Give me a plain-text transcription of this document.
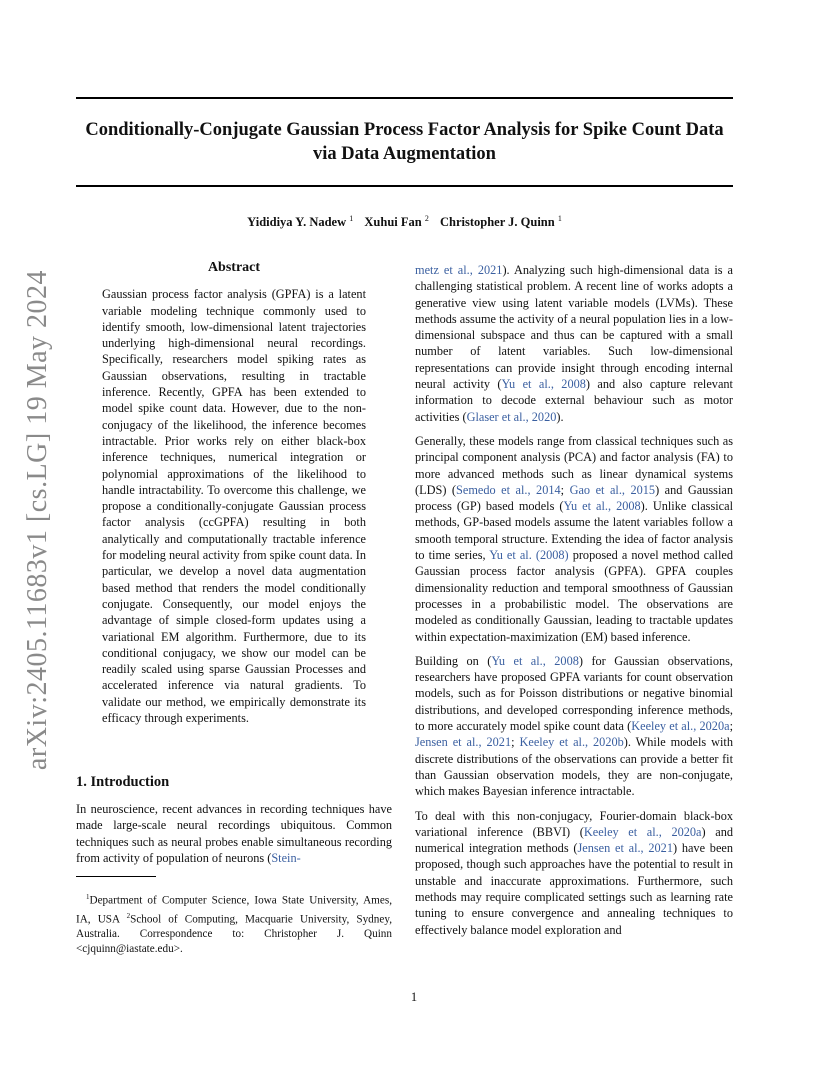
Conditionally-Conjugate Gaussian Process Factor Analysis for Spike Count Data via Data Augmentation
Yididiya Y. Nadew $^1$ Xuhui Fan $^2$ Christopher J. Quinn $^1$
arXiv:2405.11683v1 [cs.LG] 19 May 2024
Abstract

Gaussian process factor analysis (GPFA) is a latent variable modeling technique commonly used to identify smooth, low-dimensional latent trajectories underlying high-dimensional neural recordings. Specifically, researchers model spiking rates as Gaussian observations, resulting in tractable inference. Recently, GPFA has been extended to model spike count data. However, due to the non-conjugacy of the likelihood, the inference becomes intractable. Prior works rely on either black-box inference techniques, numerical integration or polynomial approximations of the likelihood to handle intractability. To overcome this challenge, we propose a conditionally-conjugate Gaussian process factor analysis (ccGPFA) resulting in both analytically and computationally tractable inference for modeling neural activity from spike count data. In particular, we develop a novel data augmentation based method that renders the model conditionally conjugate. Consequently, our model enjoys the advantage of simple closed-form updates using a variational EM algorithm. Furthermore, due to its conditional conjugacy, we show our model can be readily scaled using sparse Gaussian Processes and accelerated inference via natural gradients. To validate our method, we empirically demonstrate its efficacy through experiments.

1. Introduction

In neuroscience, recent advances in recording techniques have made large-scale neural recordings ubiquitous. Common techniques such as neural probes enable simultaneous recording from activity of population of neurons (Stein-

metz et al., 2021). Analyzing such high-dimensional data is a challenging statistical problem. A recent line of works adopts a generative view using latent variable models (LVMs). These methods assume the activity of a neural population lies in a low-dimensional subspace and thus can be captured with a small number of latent variables. Such low-dimensional representations can provide insight through encoding internal neural activity (Yu et al., 2008) and also capture relevant information to decode external behaviour such as motor activities (Glaser et al., 2020).

Generally, these models range from classical techniques such as principal component analysis (PCA) and factor analysis (FA) to more advanced methods such as linear dynamical systems (LDS) (Semedo et al., 2014; Gao et al., 2015) and Gaussian process (GP) based models (Yu et al., 2008). Unlike classical methods, GP-based models assume the latent variables follow a smooth temporal structure. Extending the idea of factor analysis to time series, Yu et al. (2008) proposed a novel method called Gaussian process factor analysis (GPFA). GPFA couples dimensionality reduction and temporal smoothness of Gaussian processes in a probabilistic model. The observations are modeled as conditionally Gaussian, leading to tractable updates within expectation-maximization (EM) based inference.

Building on (Yu et al., 2008) for Gaussian observations, researchers have proposed GPFA variants for count observation models, such as for Poisson distributions or negative binomial distributions, and developed corresponding inference methods, to more accurately model spike count data (Keeley et al., 2020a; Jensen et al., 2021; Keeley et al., 2020b). While models with discrete distributions of the observations can provide a better fit than Gaussian observation models, they are non-conjugate, which makes Bayesian inference intractable.

To deal with this non-conjugacy, Fourier-domain black-box variational inference (BBVI) (Keeley et al., 2020a) and numerical integration methods (Jensen et al., 2021) have been proposed, though such approaches have the potential to result in unstable and inaccurate approximations. Furthermore, such methods may require complicated settings such as learning rate tuning to ensure convergence and annealing techniques to effectively balance model exploration and

$^1$Department of Computer Science, Iowa State University, Ames, IA, USA $^2$School of Computing, Macquarie University, Sydney, Australia. Correspondence to: Christopher J. Quinn <cjquinn@iastate.edu>.
1
